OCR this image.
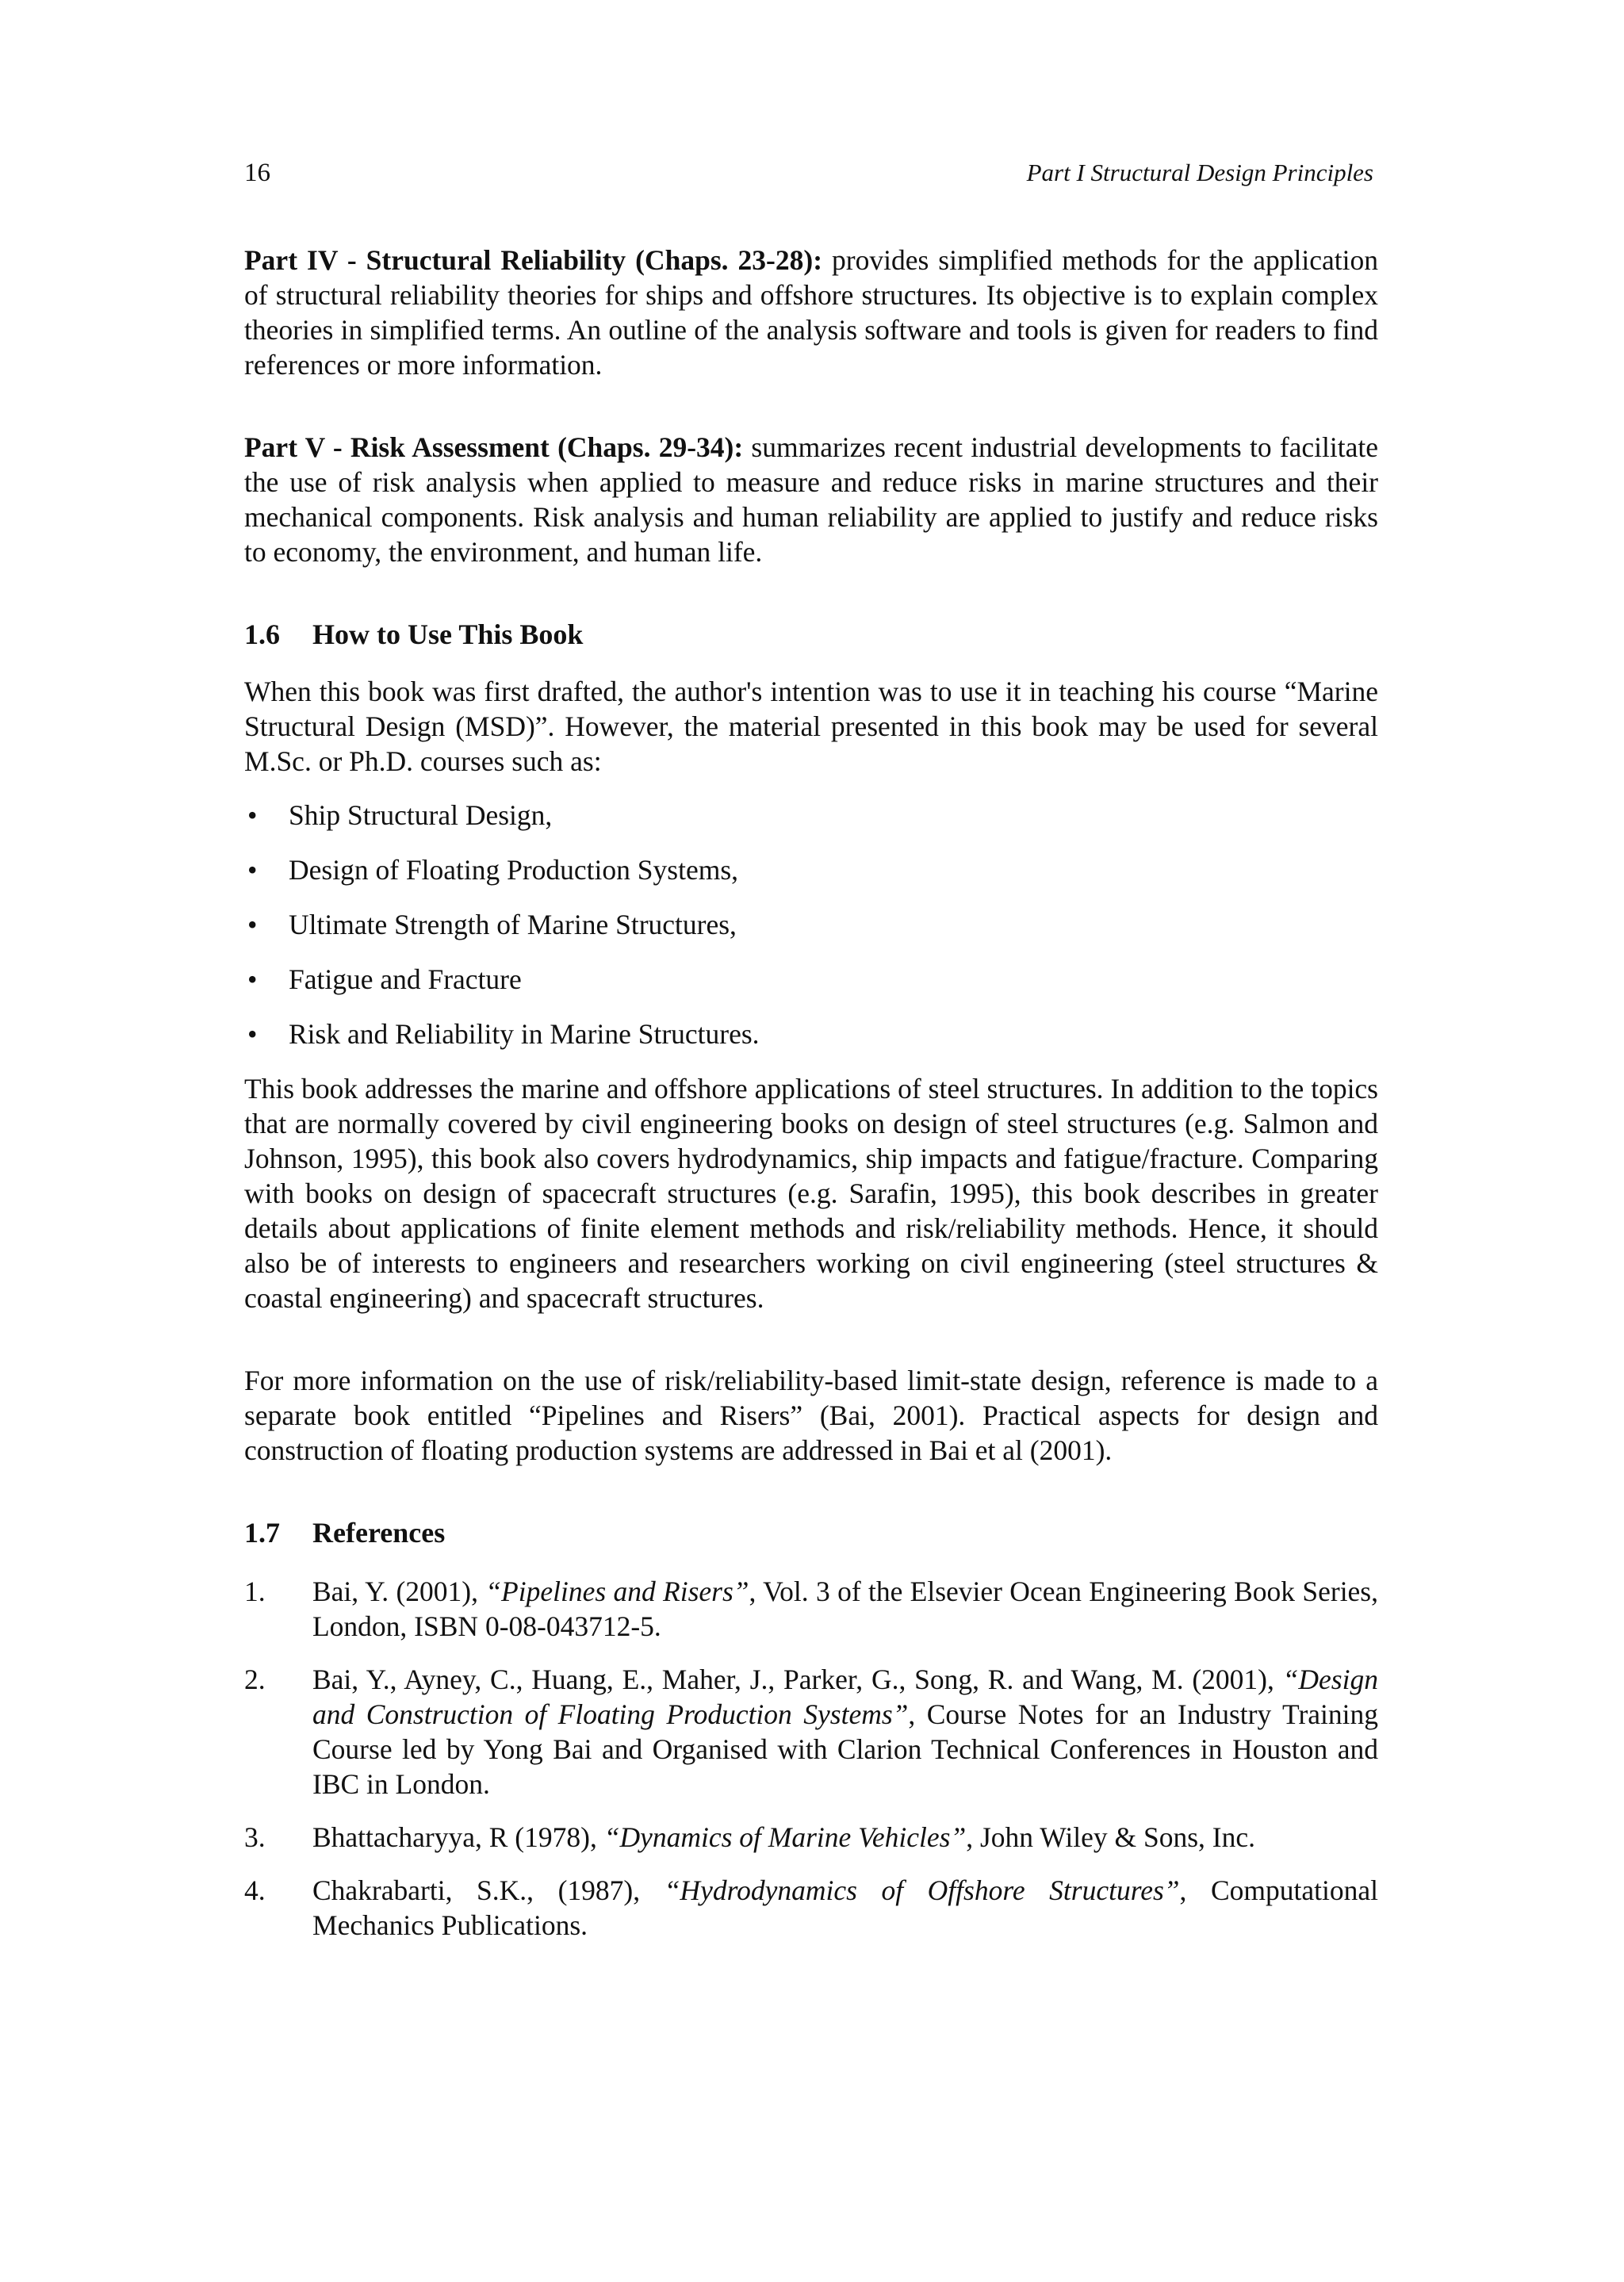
16	Part I Structural Design Principles

Part IV - Structural Reliability (Chaps. 23-28): provides simplified methods for the application of structural reliability theories for ships and offshore structures. Its objective is to explain complex theories in simplified terms. An outline of the analysis software and tools is given for readers to find references or more information.

Part V - Risk Assessment (Chaps. 29-34): summarizes recent industrial developments to facilitate the use of risk analysis when applied to measure and reduce risks in marine structures and their mechanical components. Risk analysis and human reliability are applied to justify and reduce risks to economy, the environment, and human life.

1.6	How to Use This Book

When this book was first drafted, the author's intention was to use it in teaching his course “Marine Structural Design (MSD)”. However, the material presented in this book may be used for several M.Sc. or Ph.D. courses such as:

•	Ship Structural Design,
•	Design of Floating Production Systems,
•	Ultimate Strength of Marine Structures,
•	Fatigue and Fracture
•	Risk and Reliability in Marine Structures.

This book addresses the marine and offshore applications of steel structures. In addition to the topics that are normally covered by civil engineering books on design of steel structures (e.g. Salmon and Johnson, 1995), this book also covers hydrodynamics, ship impacts and fatigue/fracture. Comparing with books on design of spacecraft structures (e.g. Sarafin, 1995), this book describes in greater details about applications of finite element methods and risk/reliability methods. Hence, it should also be of interests to engineers and researchers working on civil engineering (steel structures & coastal engineering) and spacecraft structures.

For more information on the use of risk/reliability-based limit-state design, reference is made to a separate book entitled “Pipelines and Risers” (Bai, 2001). Practical aspects for design and construction of floating production systems are addressed in Bai et al (2001).

1.7	References
1.	Bai, Y. (2001), “Pipelines and Risers”, Vol. 3 of the Elsevier Ocean Engineering Book Series, London, ISBN 0-08-043712-5.
2.	Bai, Y., Ayney, C., Huang, E., Maher, J., Parker, G., Song, R. and Wang, M. (2001), “Design and Construction of Floating Production Systems”, Course Notes for an Industry Training Course led by Yong Bai and Organised with Clarion Technical Conferences in Houston and IBC in London.
3.	Bhattacharyya, R (1978), “Dynamics of Marine Vehicles”, John Wiley & Sons, Inc.
4.	Chakrabarti, S.K., (1987), “Hydrodynamics of Offshore Structures”, Computational Mechanics Publications.
